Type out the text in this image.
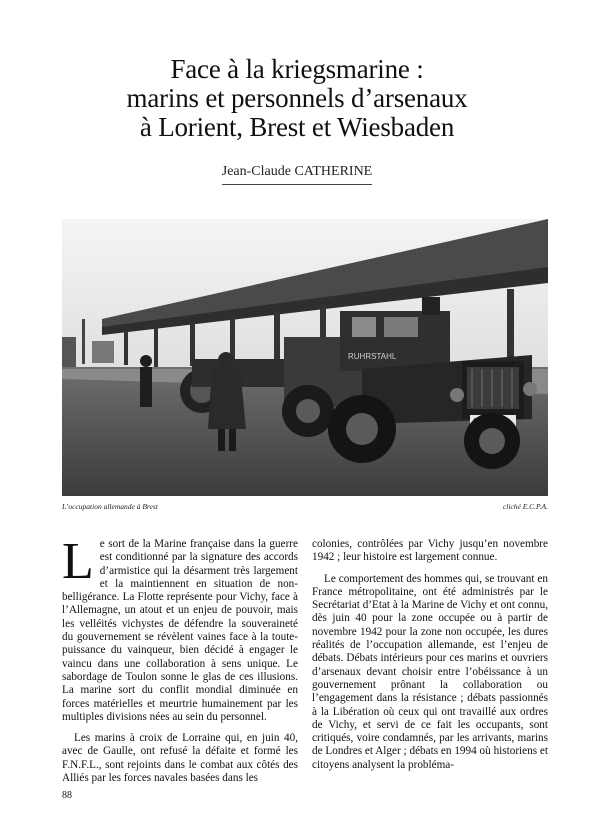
Face à la kriegsmarine :
marins et personnels d’arsenaux
à Lorient, Brest et Wiesbaden
Jean-Claude CATHERINE
RUHRSTAHL
L’occupation allemande à Brest	cliché E.C.P.A.

Le sort de la Marine française dans la guerre est conditionné par la signature des accords d’armistice qui la désarment très largement et la maintiennent en situation de non-belligérance. La Flotte représente pour Vichy, face à l’Allemagne, un atout et un enjeu de pouvoir, mais les velléités vichystes de défendre la souveraineté du gouvernement se révèlent vaines face à la toute-puissance du vainqueur, bien décidé à engager le vaincu dans une collaboration à sens unique. Le sabordage de Toulon sonne le glas de ces illusions. La marine sort du conflit mondial diminuée en forces matérielles et meurtrie humainement par les multiples divisions nées au sein du personnel.

Les marins à croix de Lorraine qui, en juin 40, avec de Gaulle, ont refusé la défaite et formé les F.N.F.L., sont rejoints dans le combat aux côtés des Alliés par les forces navales basées dans les

colonies, contrôlées par Vichy jusqu’en novembre 1942 ; leur histoire est largement connue.

Le comportement des hommes qui, se trouvant en France métropolitaine, ont été administrés par le Secrétariat d’Etat à la Marine de Vichy et ont connu, dès juin 40 pour la zone occupée ou à partir de novembre 1942 pour la zone non occupée, les dures réalités de l’occupation allemande, est l’enjeu de débats. Débats intérieurs pour ces marins et ouvriers d’arsenaux devant choisir entre l’obéissance à un gouvernement prônant la collaboration ou l’engagement dans la résistance ; débats passionnés à la Libération où ceux qui ont travaillé aux ordres de Vichy, et servi de ce fait les occupants, sont critiqués, voire condamnés, par les arrivants, marins de Londres et Alger ; débats en 1994 où historiens et citoyens analysent la probléma-

88
